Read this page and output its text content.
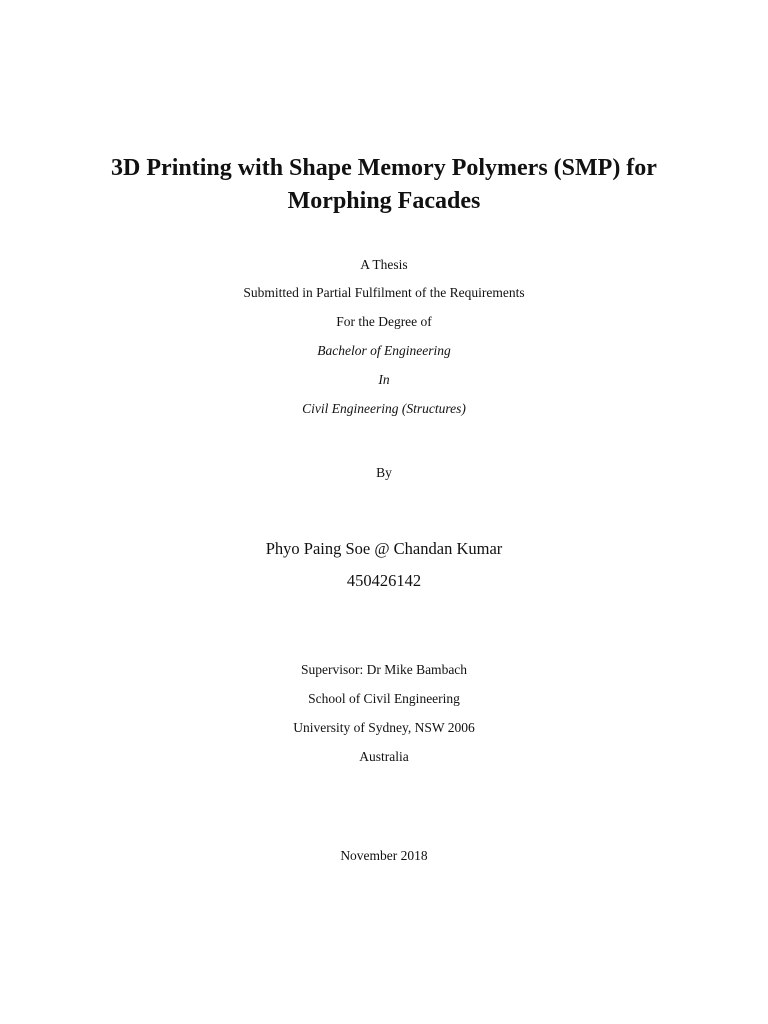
3D Printing with Shape Memory Polymers (SMP) for
Morphing Facades
A Thesis
Submitted in Partial Fulfilment of the Requirements
For the Degree of
Bachelor of Engineering
In
Civil Engineering (Structures)
By
Phyo Paing Soe @ Chandan Kumar
450426142
Supervisor: Dr Mike Bambach
School of Civil Engineering
University of Sydney, NSW 2006
Australia
November 2018
